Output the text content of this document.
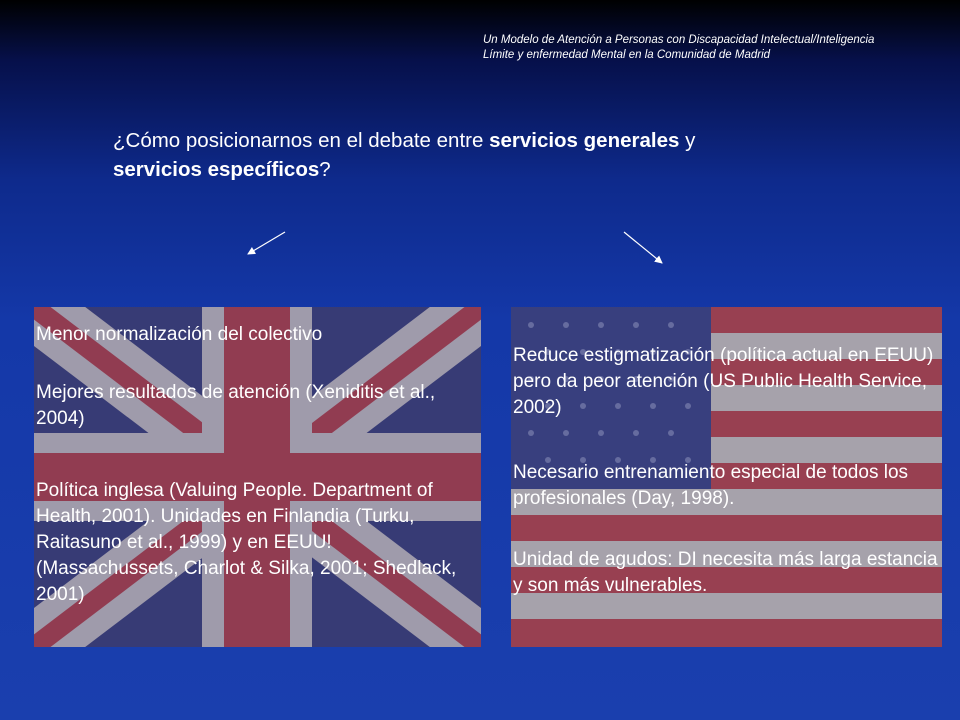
Un Modelo de Atención a Personas con Discapacidad Intelectual/Inteligencia
Límite y enfermedad Mental en la Comunidad de Madrid
¿Cómo posicionarnos en el debate entre servicios generales y
servicios específicos?

Menor normalización del colectivo

Mejores resultados de atención (Xeniditis et al., 2004)

Política inglesa (Valuing People. Department of Health, 2001). Unidades en Finlandia (Turku, Raitasuno et al., 1999) y en EEUU! (Massachussets, Charlot & Silka, 2001; Shedlack, 2001)

Reduce estigmatización (política actual en EEUU) pero da peor atención (US Public Health Service, 2002)

Necesario entrenamiento especial de todos los profesionales (Day, 1998).

Unidad de agudos: DI necesita más larga estancia y son más vulnerables.
